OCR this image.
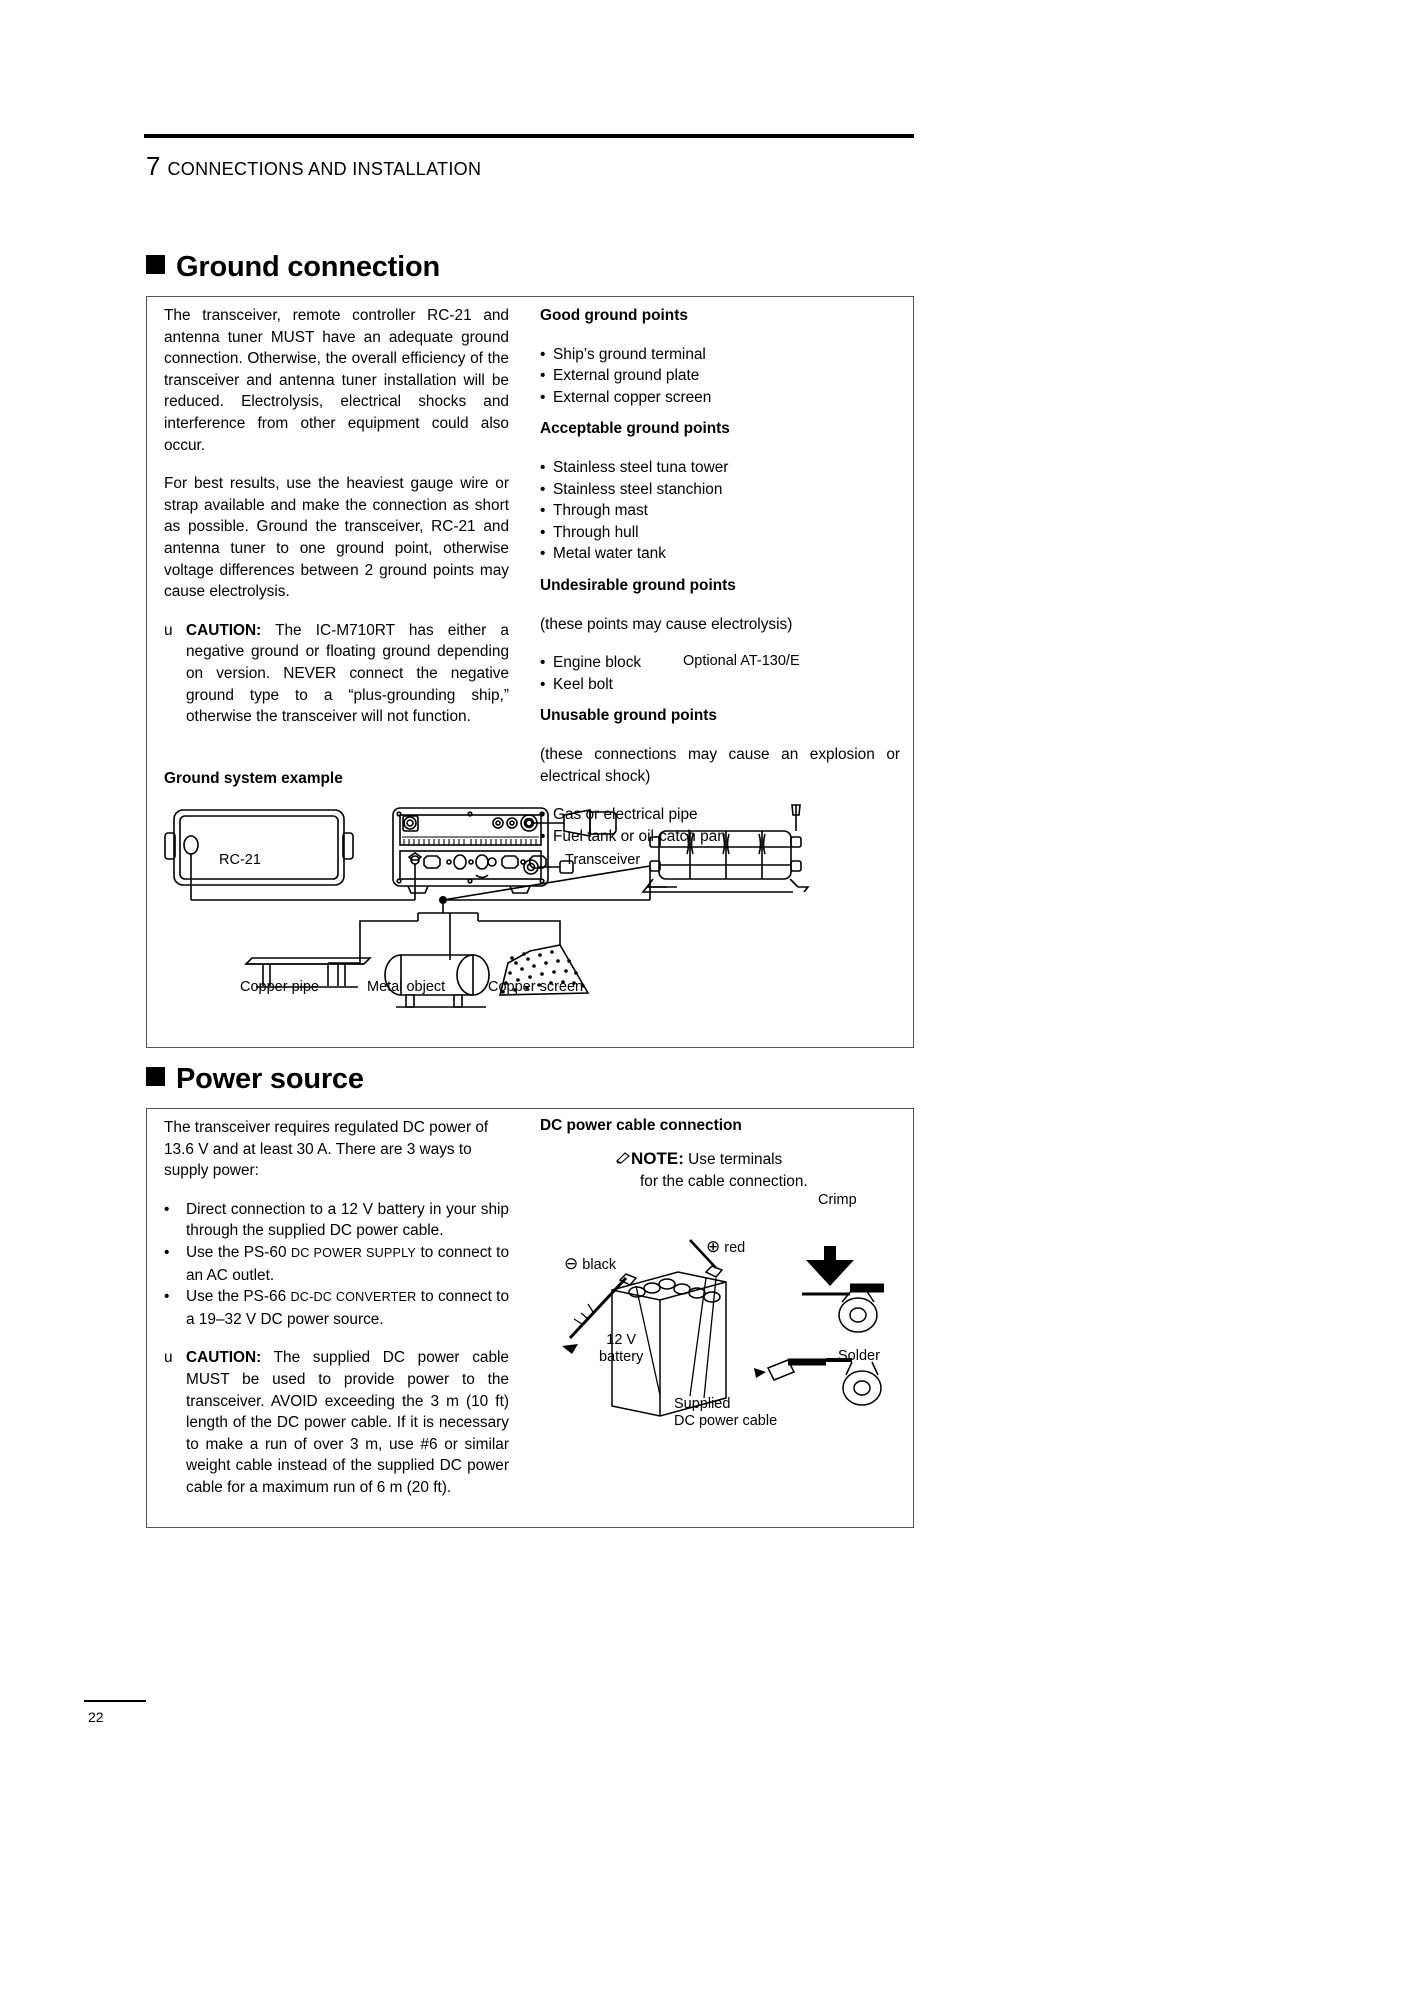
7 CONNECTIONS AND INSTALLATION
Ground connection

The transceiver, remote controller RC-21 and antenna tuner MUST have an adequate ground connection. Otherwise, the overall efficiency of the transceiver and antenna tuner installation will be reduced. Electrolysis, electrical shocks and interference from other equipment could also occur.

For best results, use the heaviest gauge wire or strap available and make the connection as short as possible. Ground the transceiver, RC-21 and antenna tuner to one ground point, otherwise voltage differences between 2 ground points may cause electrolysis.

u CAUTION: The IC-M710RT has either a negative ground or floating ground depending on version. NEVER connect the negative ground type to a “plus-grounding ship,” otherwise the transceiver will not function.

Good ground points

• Ship’s ground terminal
• External ground plate
• External copper screen

Acceptable ground points

• Stainless steel tuna tower
• Stainless steel stanchion
• Through mast
• Through hull
• Metal water tank

Undesirable ground points

(these points may cause electrolysis)

• Engine block
• Keel bolt

Unusable ground points

(these connections may cause an explosion or electrical shock)

• Gas or electrical pipe
• Fuel tank or oil-catch pan
Ground system example
RC-21	Transceiver
Optional AT-130/E
Copper pipe	Metal object	Copper screen
Power source

The transceiver requires regulated DC power of 13.6 V and at least 30 A. There are 3 ways to supply power:

• Direct connection to a 12 V battery in your ship through the supplied DC power cable.
• Use the PS-60 DC POWER SUPPLY to connect to an AC outlet.
• Use the PS-66 DC-DC CONVERTER to connect to a 19–32 V DC power source.
u CAUTION: The supplied DC power cable MUST be used to provide power to the transceiver. AVOID exceeding the 3 m (10 ft) length of the DC power cable. If it is necessary to make a run of over 3 m, use #6 or similar weight cable instead of the supplied DC power cable for a maximum run of 6 m (20 ft).
DC power cable connection
NOTE: Use terminals
for the cable connection.
⊖ black
⊕ red
12 V
battery
Supplied
DC power cable
Crimp
Solder
22
